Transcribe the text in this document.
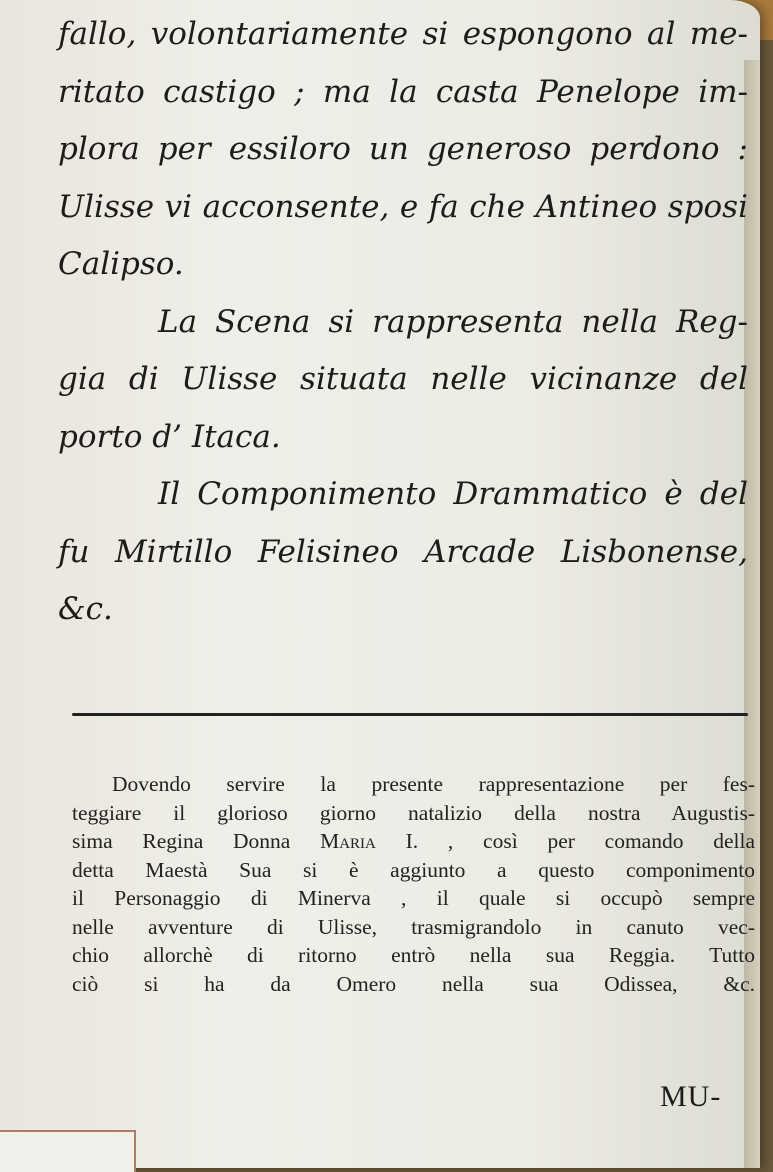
fallo, volontariamente si espongono al me-
ritato castigo ; ma la casta Penelope im-
plora per essiloro un generoso perdono :
Ulisse vi acconsente, e fa che Antineo sposi
Calipso.

La Scena si rappresenta nella Reg-
gia di Ulisse situata nelle vicinanze del
porto d’ Itaca.

Il Componimento Drammatico è del
fu Mirtillo Felisineo Arcade Lisbonense,
&c.

Dovendo servire la presente rappresentazione per fes-
teggiare il glorioso giorno natalizio della nostra Augustis-
sima Regina Donna Maria I. , così per comando della
detta Maestà Sua si è aggiunto a questo componimento
il Personaggio di Minerva , il quale si occupò sempre
nelle avventure di Ulisse, trasmigrandolo in canuto vec-
chio allorchè di ritorno entrò nella sua Reggia. Tutto
ciò si ha da Omero nella sua Odissea, &c.
MU-
